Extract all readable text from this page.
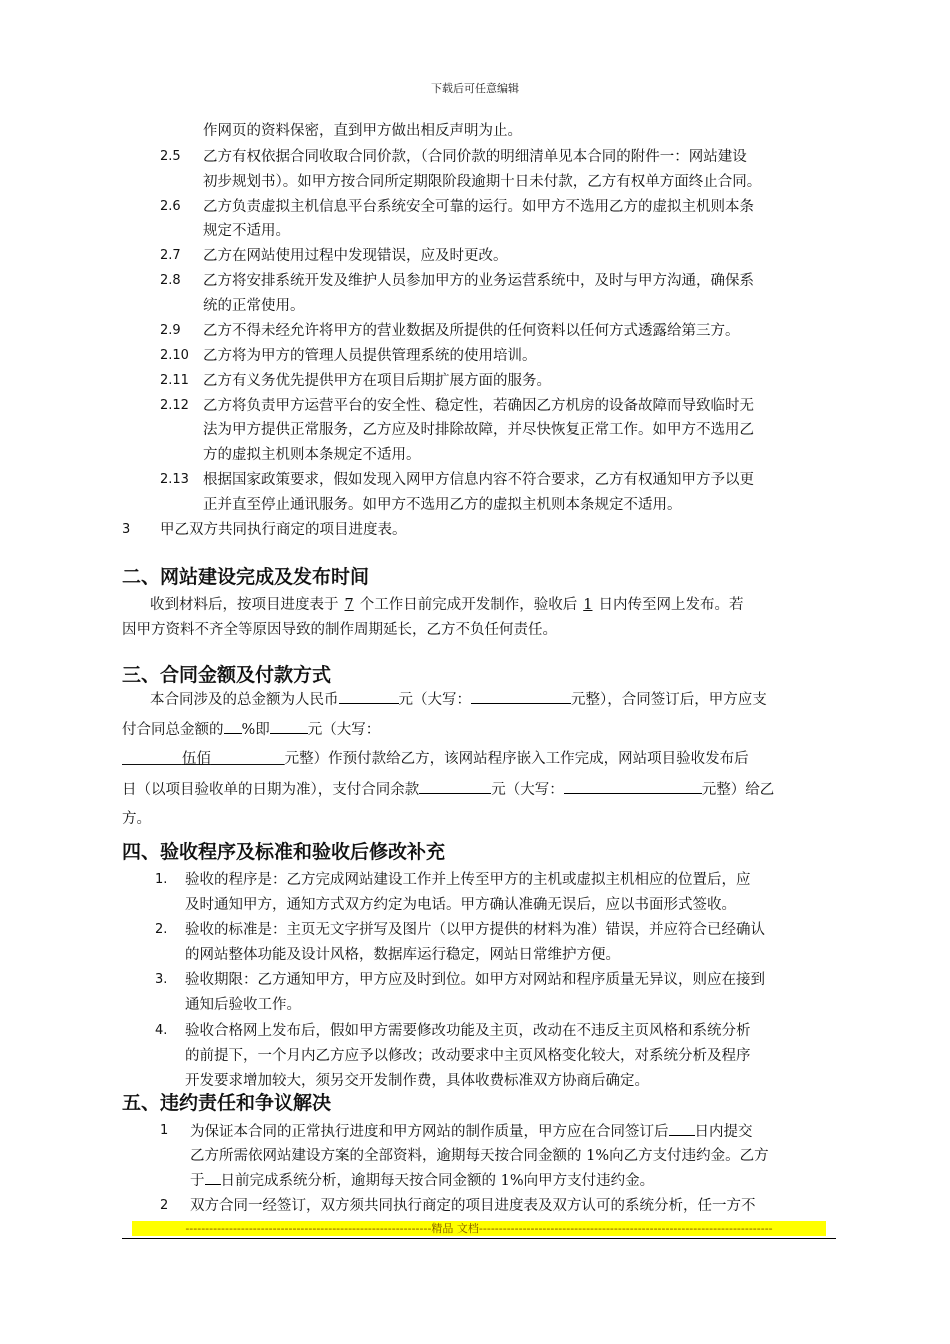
下载后可任意编辑
作网页的资料保密，直到甲方做出相反声明为止。
2.5 乙方有权依据合同收取合同价款，（合同价款的明细清单见本合同的附件一：网站建设
初步规划书）。如甲方按合同所定期限阶段逾期十日未付款，乙方有权单方面终止合同。
2.6 乙方负责虚拟主机信息平台系统安全可靠的运行。如甲方不选用乙方的虚拟主机则本条
规定不适用。
2.7 乙方在网站使用过程中发现错误，应及时更改。
2.8 乙方将安排系统开发及维护人员参加甲方的业务运营系统中，及时与甲方沟通，确保系
统的正常使用。
2.9 乙方不得未经允许将甲方的营业数据及所提供的任何资料以任何方式透露给第三方。
2.10 乙方将为甲方的管理人员提供管理系统的使用培训。
2.11 乙方有义务优先提供甲方在项目后期扩展方面的服务。
2.12 乙方将负责甲方运营平台的安全性、稳定性，若确因乙方机房的设备故障而导致临时无
法为甲方提供正常服务，乙方应及时排除故障，并尽快恢复正常工作。如甲方不选用乙
方的虚拟主机则本条规定不适用。
2.13 根据国家政策要求，假如发现入网甲方信息内容不符合要求，乙方有权通知甲方予以更
正并直至停止通讯服务。如甲方不选用乙方的虚拟主机则本条规定不适用。
3 甲乙双方共同执行商定的项目进度表。
二、网站建设完成及发布时间
收到材料后，按项目进度表于 7 个工作日前完成开发制作，验收后 1 日内传至网上发布。若
因甲方资料不齐全等原因导致的制作周期延长，乙方不负任何责任。
三、合同金额及付款方式
本合同涉及的总金额为人民币	元（大写：	元整），合同签订后，甲方应支
付合同总金额的 %即	元（大写：
伍佰	元整）作预付款给乙方，该网站程序嵌入工作完成，网站项目验收发布后
日（以项目验收单的日期为准），支付合同余款	元（大写：	元整）给乙
方。
四、验收程序及标准和验收后修改补充
1. 验收的程序是：乙方完成网站建设工作并上传至甲方的主机或虚拟主机相应的位置后，应
及时通知甲方，通知方式双方约定为电话。甲方确认准确无误后，应以书面形式签收。
2. 验收的标准是：主页无文字拼写及图片（以甲方提供的材料为准）错误，并应符合已经确认
的网站整体功能及设计风格，数据库运行稳定，网站日常维护方便。
3. 验收期限：乙方通知甲方，甲方应及时到位。如甲方对网站和程序质量无异议，则应在接到
通知后验收工作。
4. 验收合格网上发布后，假如甲方需要修改功能及主页，改动在不违反主页风格和系统分析
的前提下，一个月内乙方应予以修改；改动要求中主页风格变化较大，对系统分析及程序
开发要求增加较大，须另交开发制作费，具体收费标准双方协商后确定。
五、违约责任和争议解决
1 为保证本合同的正常执行进度和甲方网站的制作质量，甲方应在合同签订后 日内提交
乙方所需依网站建设方案的全部资料，逾期每天按合同金额的 1%向乙方支付违约金。乙方
于 日前完成系统分析，逾期每天按合同金额的 1%向甲方支付违约金。
2 双方合同一经签订，双方须共同执行商定的项目进度表及双方认可的系统分析，任一方不
--------------------------------------------------------------精品 文档--------------------------------------------------------------------------
